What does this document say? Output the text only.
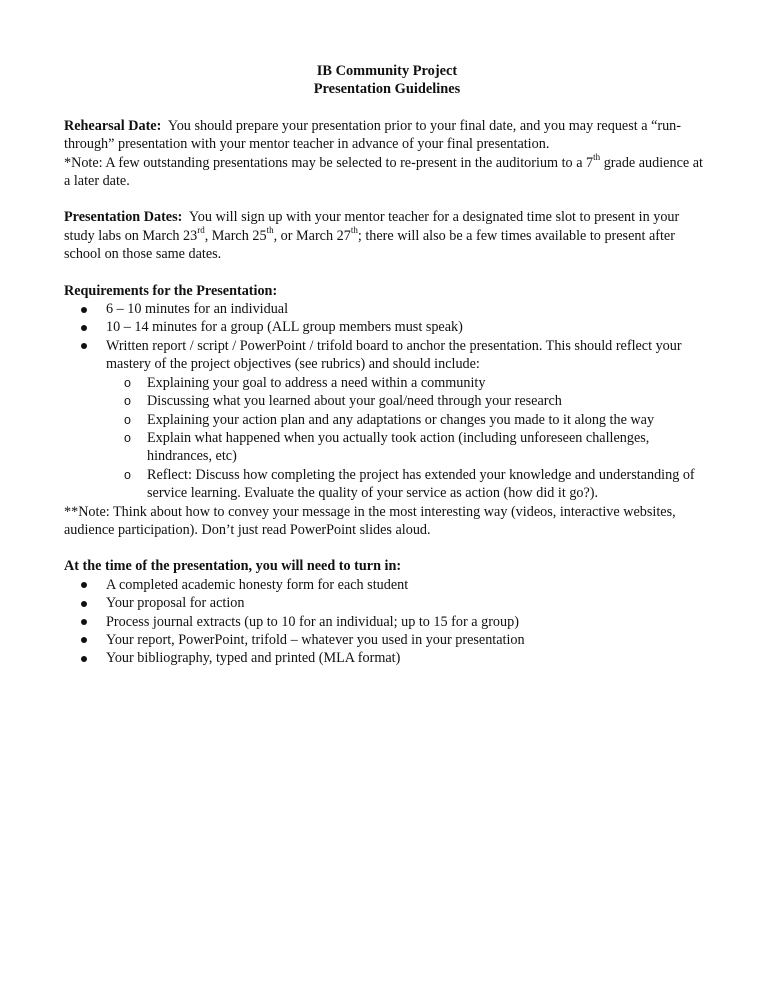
IB Community Project
Presentation Guidelines

Rehearsal Date: You should prepare your presentation prior to your final date, and you may request a “run-through” presentation with your mentor teacher in advance of your final presentation.

*Note: A few outstanding presentations may be selected to re-present in the auditorium to a 7th grade audience at a later date.

Presentation Dates: You will sign up with your mentor teacher for a designated time slot to present in your study labs on March 23rd, March 25th, or March 27th; there will also be a few times available to present after school on those same dates.

Requirements for the Presentation:
6 – 10 minutes for an individual
10 – 14 minutes for a group (ALL group members must speak)
Written report / script / PowerPoint / trifold board to anchor the presentation. This should reflect your mastery of the project objectives (see rubrics) and should include:
o Explaining your goal to address a need within a community
o Discussing what you learned about your goal/need through your research
o Explaining your action plan and any adaptations or changes you made to it along the way
o Explain what happened when you actually took action (including unforeseen challenges, hindrances, etc)
o Reflect: Discuss how completing the project has extended your knowledge and understanding of service learning. Evaluate the quality of your service as action (how did it go?).
**Note: Think about how to convey your message in the most interesting way (videos, interactive websites, audience participation). Don’t just read PowerPoint slides aloud.
At the time of the presentation, you will need to turn in:
A completed academic honesty form for each student
Your proposal for action
Process journal extracts (up to 10 for an individual; up to 15 for a group)
Your report, PowerPoint, trifold – whatever you used in your presentation
Your bibliography, typed and printed (MLA format)
